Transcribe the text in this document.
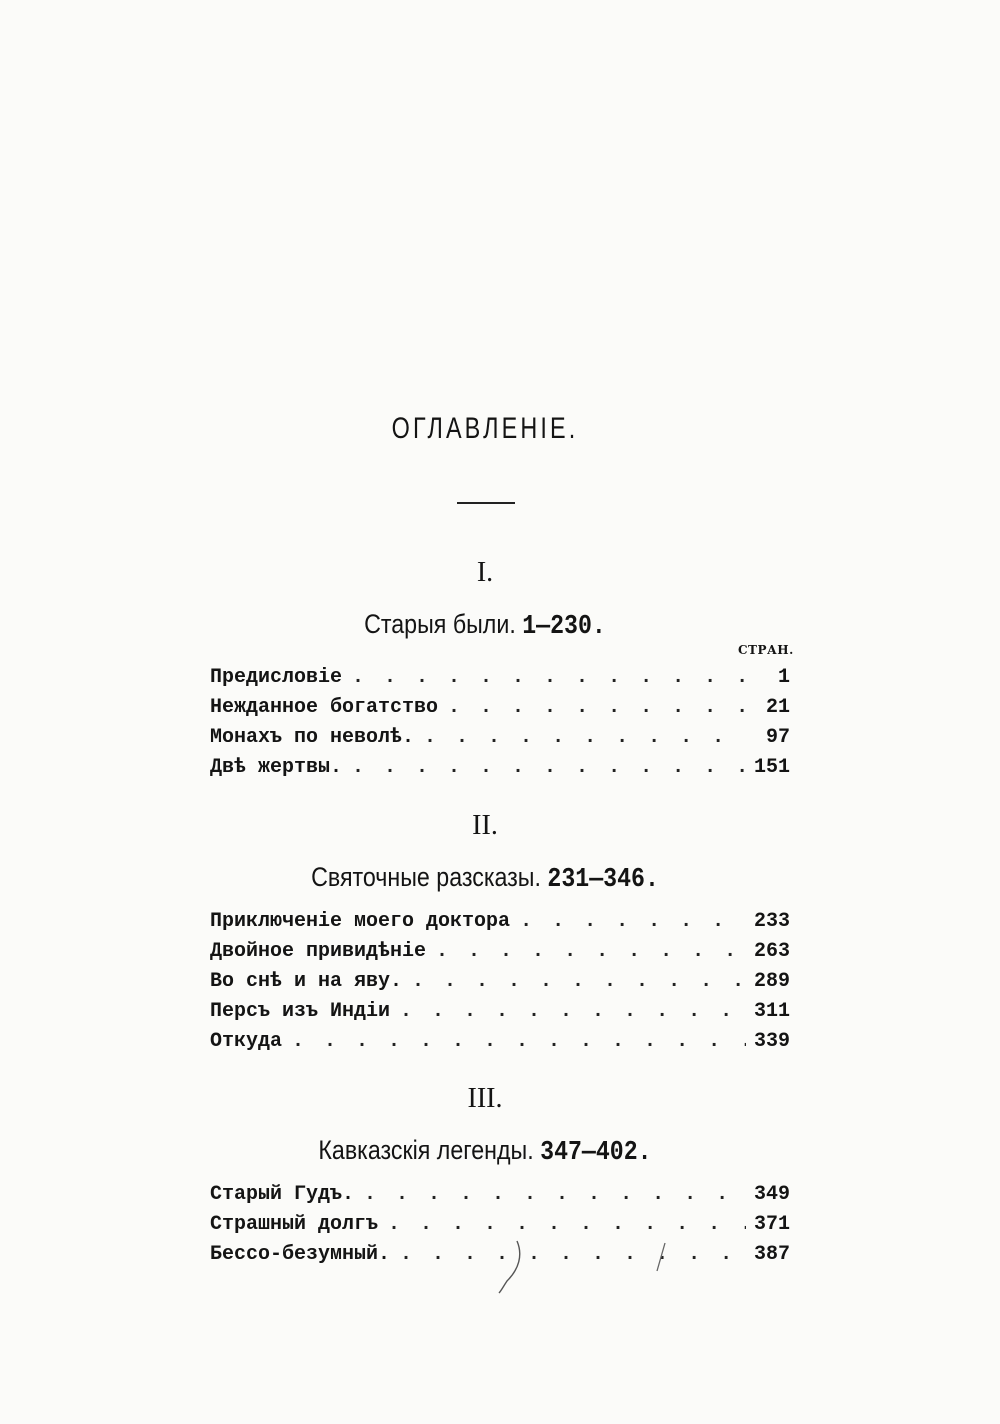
ОГЛАВЛЕНIЕ.
I.
Старыя были. 1—230.
СТРАН.
Предисловіе . . .	1
Нежданное богатство . . .	21
Монахъ по неволѣ. . . .	97
Двѣ жертвы. . . .	151
II.
Святочные разсказы. 231—346.
Приключеніе моего доктора . . .	233
Двойное привидѣніе . . .	263
Во снѣ и на яву. . . .	289
Персъ изъ Индіи . . .	311
Откуда . . .	339
III.
Кавказскія легенды. 347—402.
Старый Гудъ. . . .	349
Страшный долгъ . . .	371
Бессо-безумный. . . .	387
